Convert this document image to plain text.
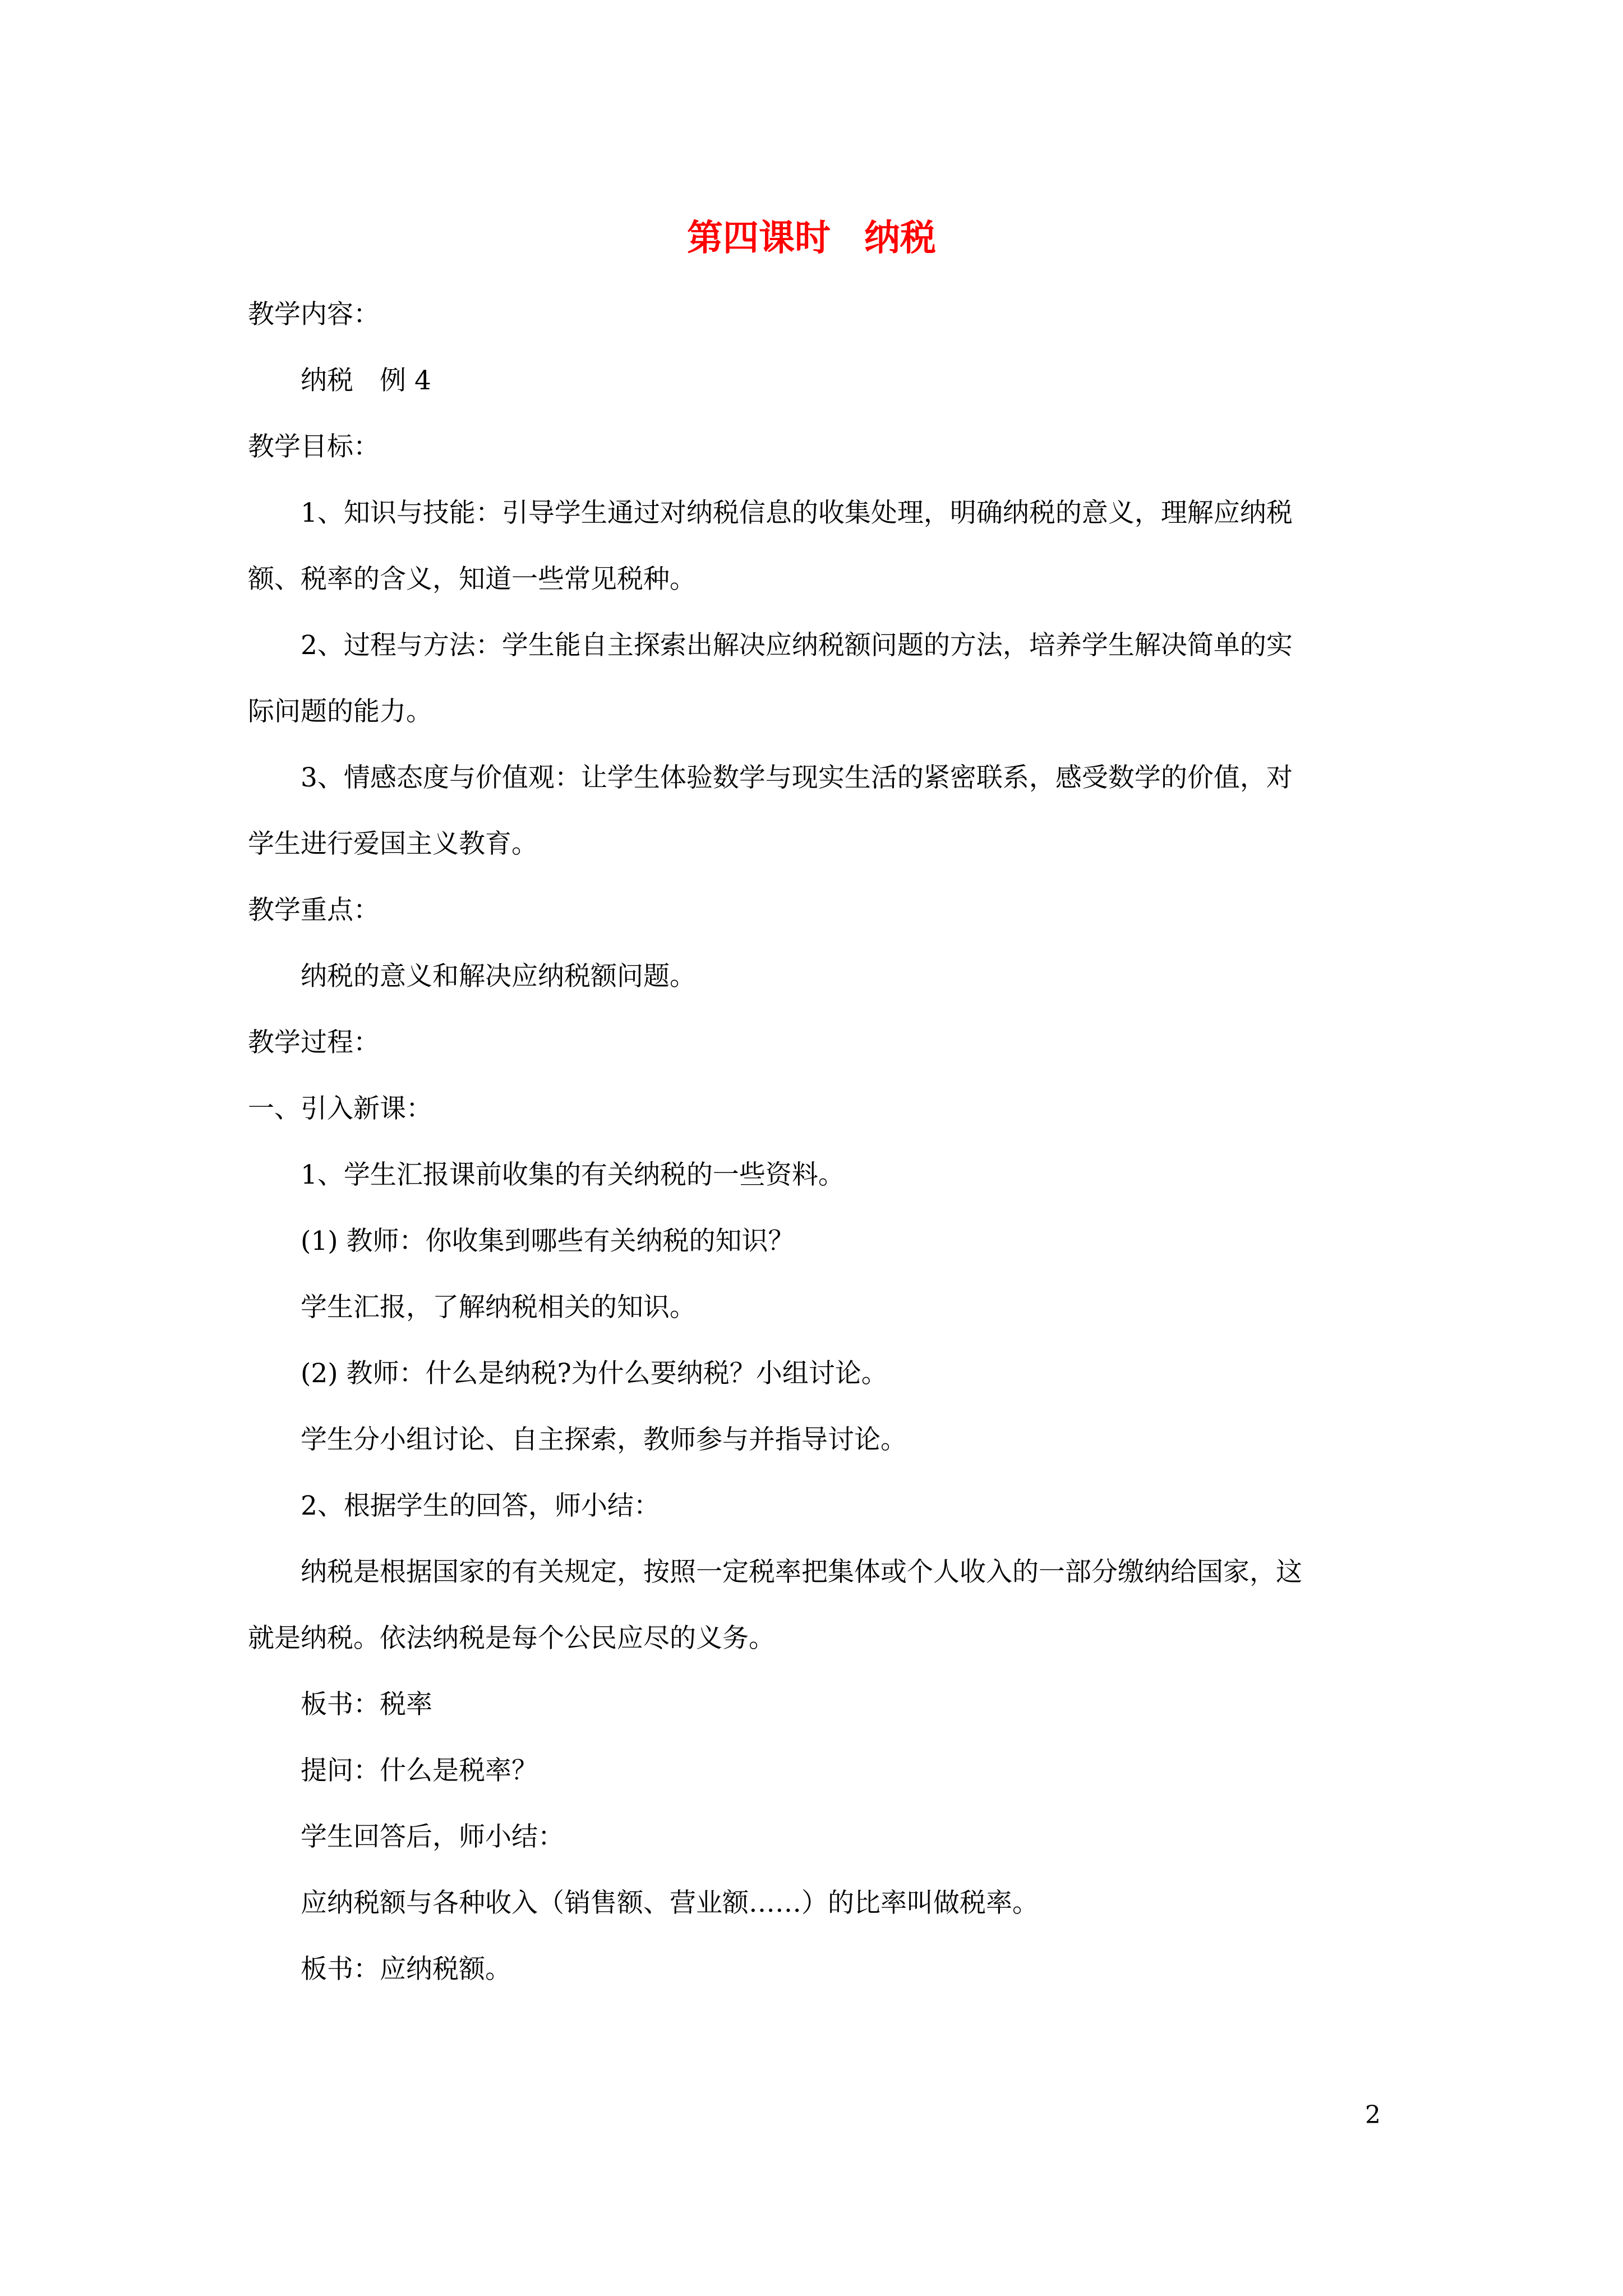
第四课时 纳税
教学内容：
纳税　例 4
教学目标：
1、知识与技能：引导学生通过对纳税信息的收集处理，明确纳税的意义，理解应纳税
额、税率的含义，知道一些常见税种。
2、过程与方法：学生能自主探索出解决应纳税额问题的方法，培养学生解决简单的实
际问题的能力。
3、情感态度与价值观：让学生体验数学与现实生活的紧密联系，感受数学的价值，对
学生进行爱国主义教育。
教学重点：
纳税的意义和解决应纳税额问题。
教学过程：
一、引入新课：
1、学生汇报课前收集的有关纳税的一些资料。
(1) 教师：你收集到哪些有关纳税的知识？
学生汇报，了解纳税相关的知识。
(2) 教师：什么是纳税?为什么要纳税？小组讨论。
学生分小组讨论、自主探索，教师参与并指导讨论。
2、根据学生的回答，师小结：
纳税是根据国家的有关规定，按照一定税率把集体或个人收入的一部分缴纳给国家，这
就是纳税。依法纳税是每个公民应尽的义务。
板书：税率
提问：什么是税率？
学生回答后，师小结：
应纳税额与各种收入（销售额、营业额……）的比率叫做税率。
板书：应纳税额。
2
